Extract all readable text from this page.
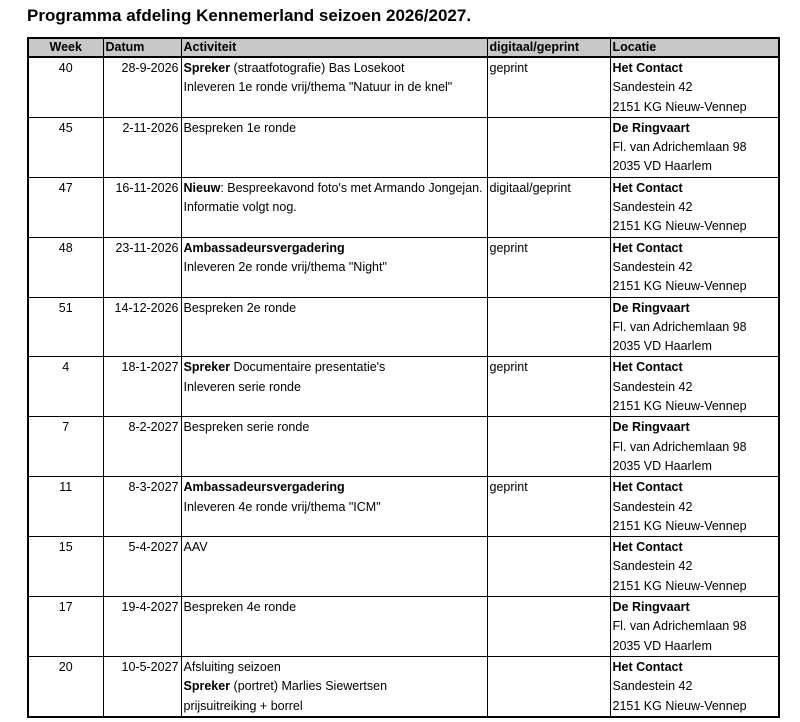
Programma afdeling Kennemerland seizoen 2026/2027.
Week	Datum	Activiteit	digitaal/geprint	Locatie
40	28-9-2026	Spreker (straatfotografie) Bas Losekoot
Inleveren 1e ronde vrij/thema "Natuur in de knel"	geprint	Het Contact
Sandestein 42
2151 KG Nieuw-Vennep

45	2-11-2026	Bespreken 1e ronde		De Ringvaart
Fl. van Adrichemlaan 98
2035 VD Haarlem

47	16-11-2026	Nieuw: Bespreekavond foto's met Armando Jongejan.
Informatie volgt nog.	digitaal/geprint	Het Contact
Sandestein 42
2151 KG Nieuw-Vennep

48	23-11-2026	Ambassadeursvergadering
Inleveren 2e ronde vrij/thema "Night"	geprint	Het Contact
Sandestein 42
2151 KG Nieuw-Vennep

51	14-12-2026	Bespreken 2e ronde		De Ringvaart
Fl. van Adrichemlaan 98
2035 VD Haarlem

4	18-1-2027	Spreker Documentaire presentatie's
Inleveren serie ronde	geprint	Het Contact
Sandestein 42
2151 KG Nieuw-Vennep

7	8-2-2027	Bespreken serie ronde		De Ringvaart
Fl. van Adrichemlaan 98
2035 VD Haarlem

11	8-3-2027	Ambassadeursvergadering
Inleveren 4e ronde vrij/thema "ICM"	geprint	Het Contact
Sandestein 42
2151 KG Nieuw-Vennep

15	5-4-2027	AAV		Het Contact
Sandestein 42
2151 KG Nieuw-Vennep

17	19-4-2027	Bespreken 4e ronde		De Ringvaart
Fl. van Adrichemlaan 98
2035 VD Haarlem

20	10-5-2027	Afsluiting seizoen
Spreker (portret) Marlies Siewertsen
prijsuitreiking + borrel		Het Contact
Sandestein 42
2151 KG Nieuw-Vennep
